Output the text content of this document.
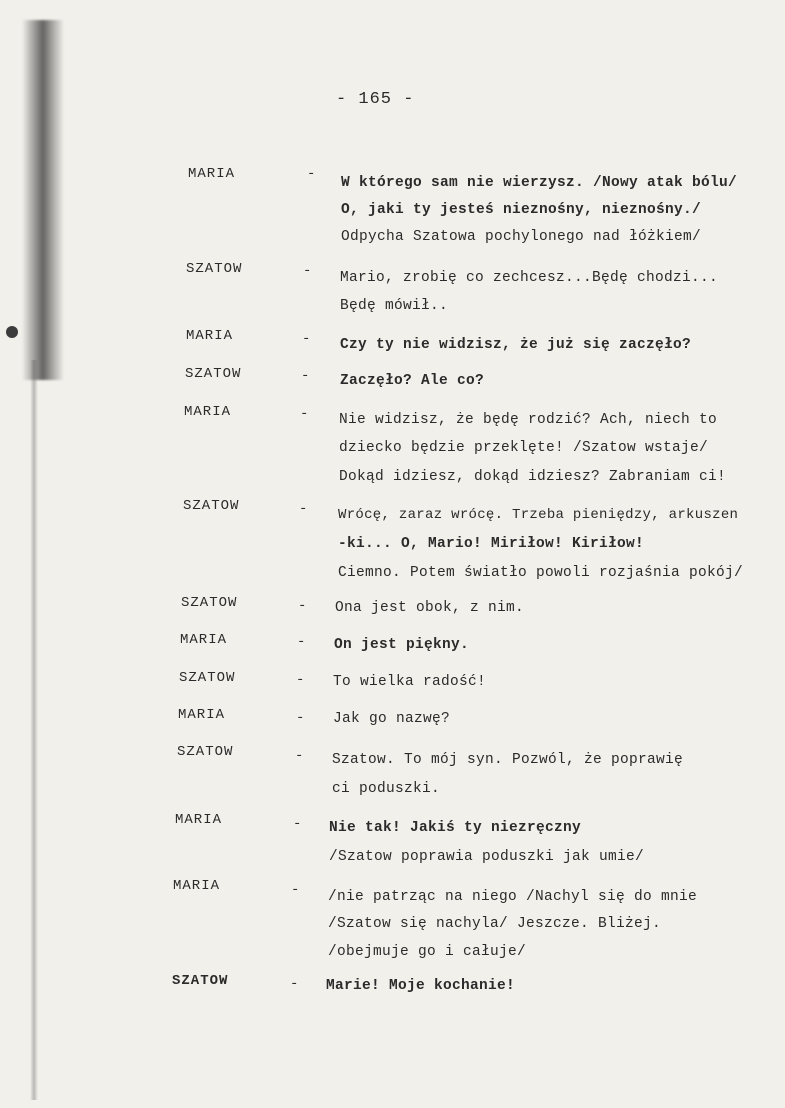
- 165 -
MARIA	-
W którego sam nie wierzysz. /Nowy atak bólu/
O, jaki ty jesteś nieznośny, nieznośny./
Odpycha Szatowa pochylonego nad łóżkiem/
SZATOW	- Mario, zrobię co zechcesz...Będę chodzi...
Będę mówił..
MARIA	- Czy ty nie widzisz, że już się zaczęło?
SZATOW	- Zaczęło? Ale co?
MARIA	- Nie widzisz, że będę rodzić? Ach, niech to
dziecko będzie przeklęte! /Szatow wstaje/
Dokąd idziesz, dokąd idziesz? Zabraniam ci!
SZATOW	- Wrócę, zaraz wrócę. Trzeba pieniędzy, arkuszen
-ki... O, Mario! Miriłow! Kiriłow!
Ciemno. Potem światło powoli rozjaśnia pokój/
SZATOW	- Ona jest obok, z nim.
MARIA	- On jest piękny.
SZATOW	- To wielka radość!
MARIA	- Jak go nazwę?
SZATOW	- Szatow. To mój syn. Pozwól, że poprawię
ci poduszki.
MARIA	- Nie tak! Jakiś ty niezręczny
/Szatow poprawia poduszki jak umie/
MARIA	- /nie patrząc na niego /Nachyl się do mnie
/Szatow się nachyla/ Jeszcze. Bliżej.
/obejmuje go i całuje/
SZATOW	- Marie! Moje kochanie!
